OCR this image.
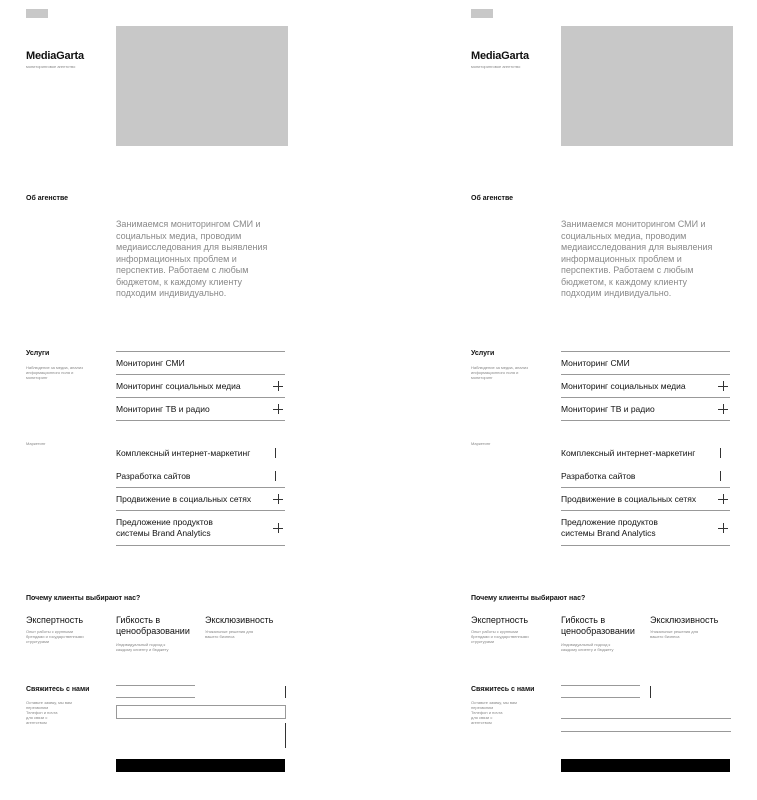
MediaGarta
мониторинговое агентство
Об агенстве
Занимаемся мониторингом СМИ и социальных медиа, проводим медиаисследования для выявления информационных проблем и перспектив. Работаем с любым бюджетом, к каждому клиенту подходим индивидуально.
Услуги
Наблюдение за медиа, анализ информационного поля и мониторинг
Мониторинг СМИ
Мониторинг социальных медиа
Мониторинг ТВ и радио
Маркетинг
Комплексный интернет-маркетинг
Разработка сайтов
Продвижение в социальных сетях
Предложение продуктов
системы Brand Analytics
Почему клиенты выбирают нас?
Экспертность
Опыт работы с крупными брендами и государственными структурами
Гибкость в
ценообразовании
Индивидуальный подход к каждому клиенту и бюджету
Эксклюзивность
Уникальные решения для вашего бизнеса
Свяжитесь с нами
Оставьте заявку, мы вам перезвоним
Телефон и почта для связи с агентством
MediaGarta
мониторинговое агентство
Об агенстве
Занимаемся мониторингом СМИ и социальных медиа, проводим медиаисследования для выявления информационных проблем и перспектив. Работаем с любым бюджетом, к каждому клиенту подходим индивидуально.
Услуги
Наблюдение за медиа, анализ информационного поля и мониторинг
Мониторинг СМИ
Мониторинг социальных медиа
Мониторинг ТВ и радио
Маркетинг
Комплексный интернет-маркетинг
Разработка сайтов
Продвижение в социальных сетях
Предложение продуктов
системы Brand Analytics
Почему клиенты выбирают нас?
Экспертность
Опыт работы с крупными брендами и государственными структурами
Гибкость в
ценообразовании
Индивидуальный подход к каждому клиенту и бюджету
Эксклюзивность
Уникальные решения для вашего бизнеса
Свяжитесь с нами
Оставьте заявку, мы вам перезвоним
Телефон и почта для связи с агентством
